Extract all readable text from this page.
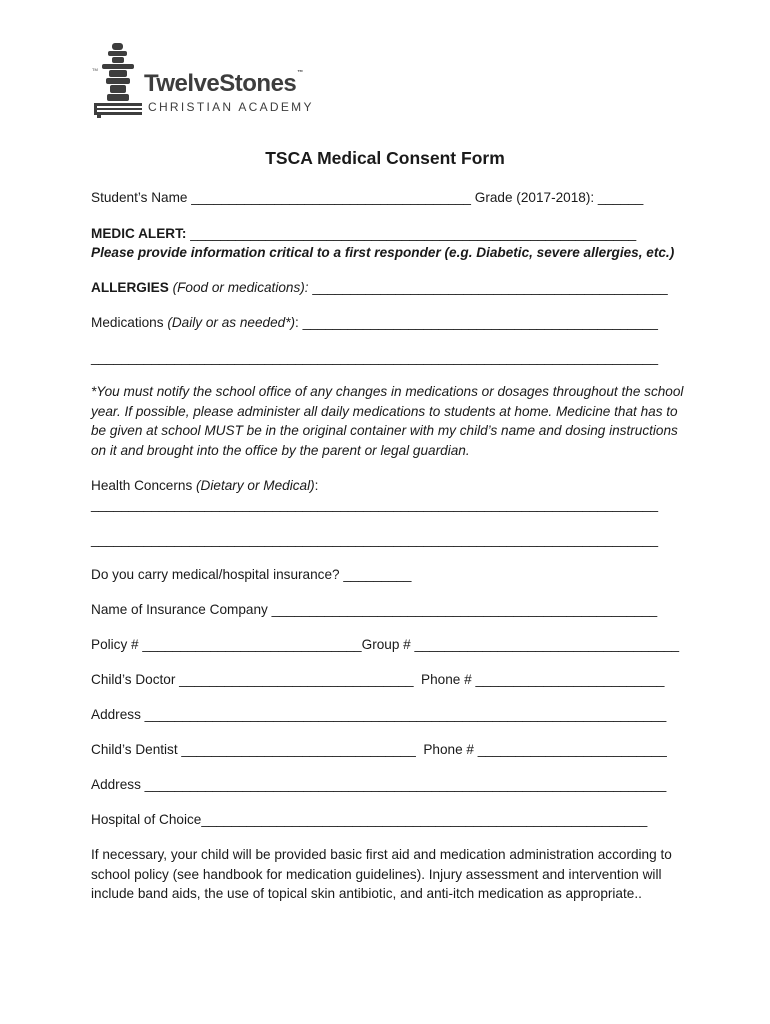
TM
TwelveStones™
CHRISTIAN ACADEMY
TSCA Medical Consent Form
Student’s Name _____________________________________ Grade (2017-2018): ______
MEDIC ALERT: ___________________________________________________________
Please provide information critical to a first responder (e.g. Diabetic, severe allergies, etc.)
ALLERGIES (Food or medications): _______________________________________________
Medications (Daily or as needed*): _______________________________________________
___________________________________________________________________________
*You must notify the school office of any changes in medications or dosages throughout the school year. If possible, please administer all daily medications to students at home. Medicine that has to be given at school MUST be in the original container with my child’s name and dosing instructions on it and brought into the office by the parent or legal guardian.
Health Concerns (Dietary or Medical):
___________________________________________________________________________
___________________________________________________________________________
Do you carry medical/hospital insurance? _________
Name of Insurance Company ___________________________________________________
Policy # _____________________________Group # ___________________________________
Child’s Doctor _______________________________  Phone # _________________________
Address _____________________________________________________________________
Child’s Dentist _______________________________  Phone # _________________________
Address _____________________________________________________________________
Hospital of Choice___________________________________________________________
If necessary, your child will be provided basic first aid and medication administration according to school policy (see handbook for medication guidelines). Injury assessment and intervention will include band aids, the use of topical skin antibiotic, and anti-itch medication as appropriate..
